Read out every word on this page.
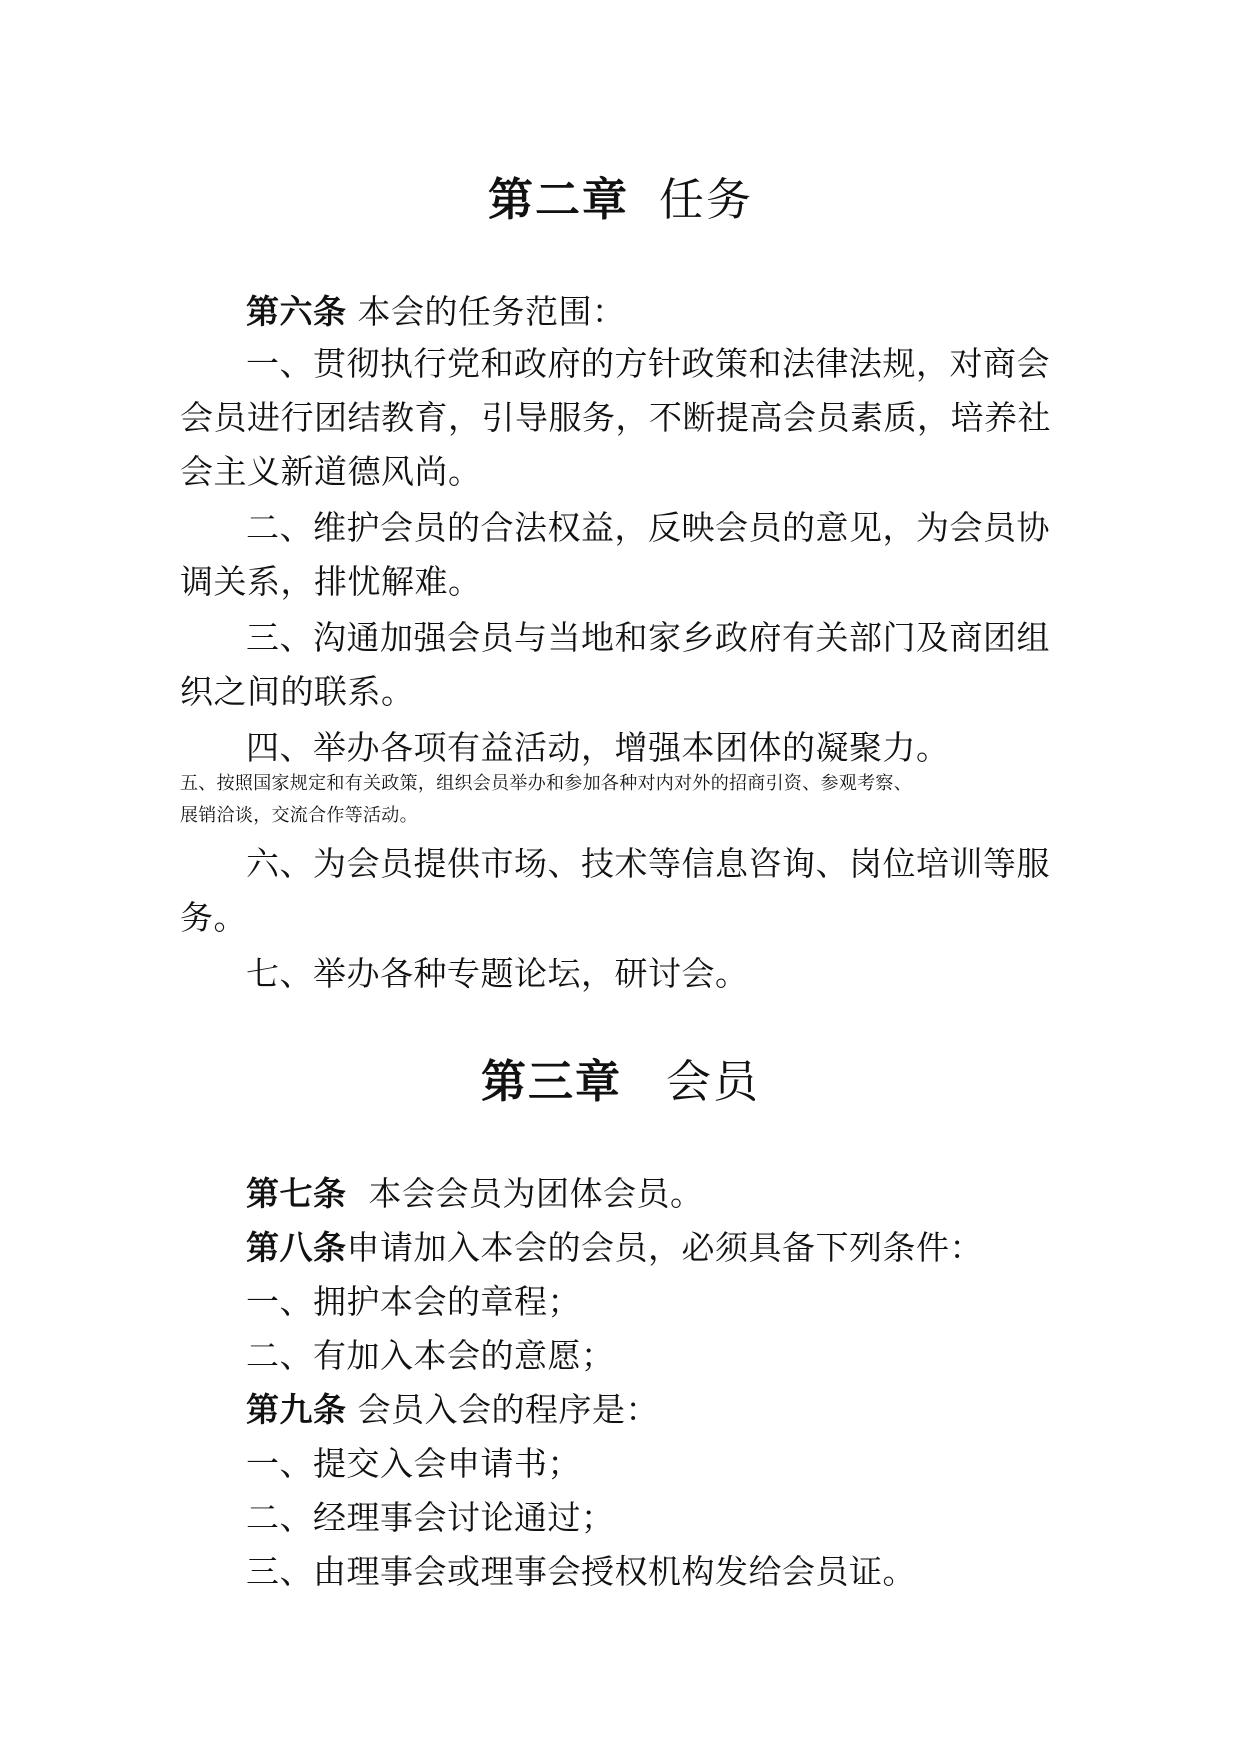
第二章 任务
第六条 本会的任务范围：
一、贯彻执行党和政府的方针政策和法律法规，对商会
会员进行团结教育，引导服务，不断提高会员素质，培养社
会主义新道德风尚。
二、维护会员的合法权益，反映会员的意见，为会员协
调关系，排忧解难。
三、沟通加强会员与当地和家乡政府有关部门及商团组
织之间的联系。
四、举办各项有益活动，增强本团体的凝聚力。
五、按照国家规定和有关政策，组织会员举办和参加各种对内对外的招商引资、参观考察、
展销洽谈，交流合作等活动。
六、为会员提供市场、技术等信息咨询、岗位培训等服
务。
七、举办各种专题论坛，研讨会。
第三章 会员
第七条  本会会员为团体会员。
第八条申请加入本会的会员，必须具备下列条件：
一、拥护本会的章程；
二、有加入本会的意愿；
第九条 会员入会的程序是：
一、提交入会申请书；
二、经理事会讨论通过；
三、由理事会或理事会授权机构发给会员证。
